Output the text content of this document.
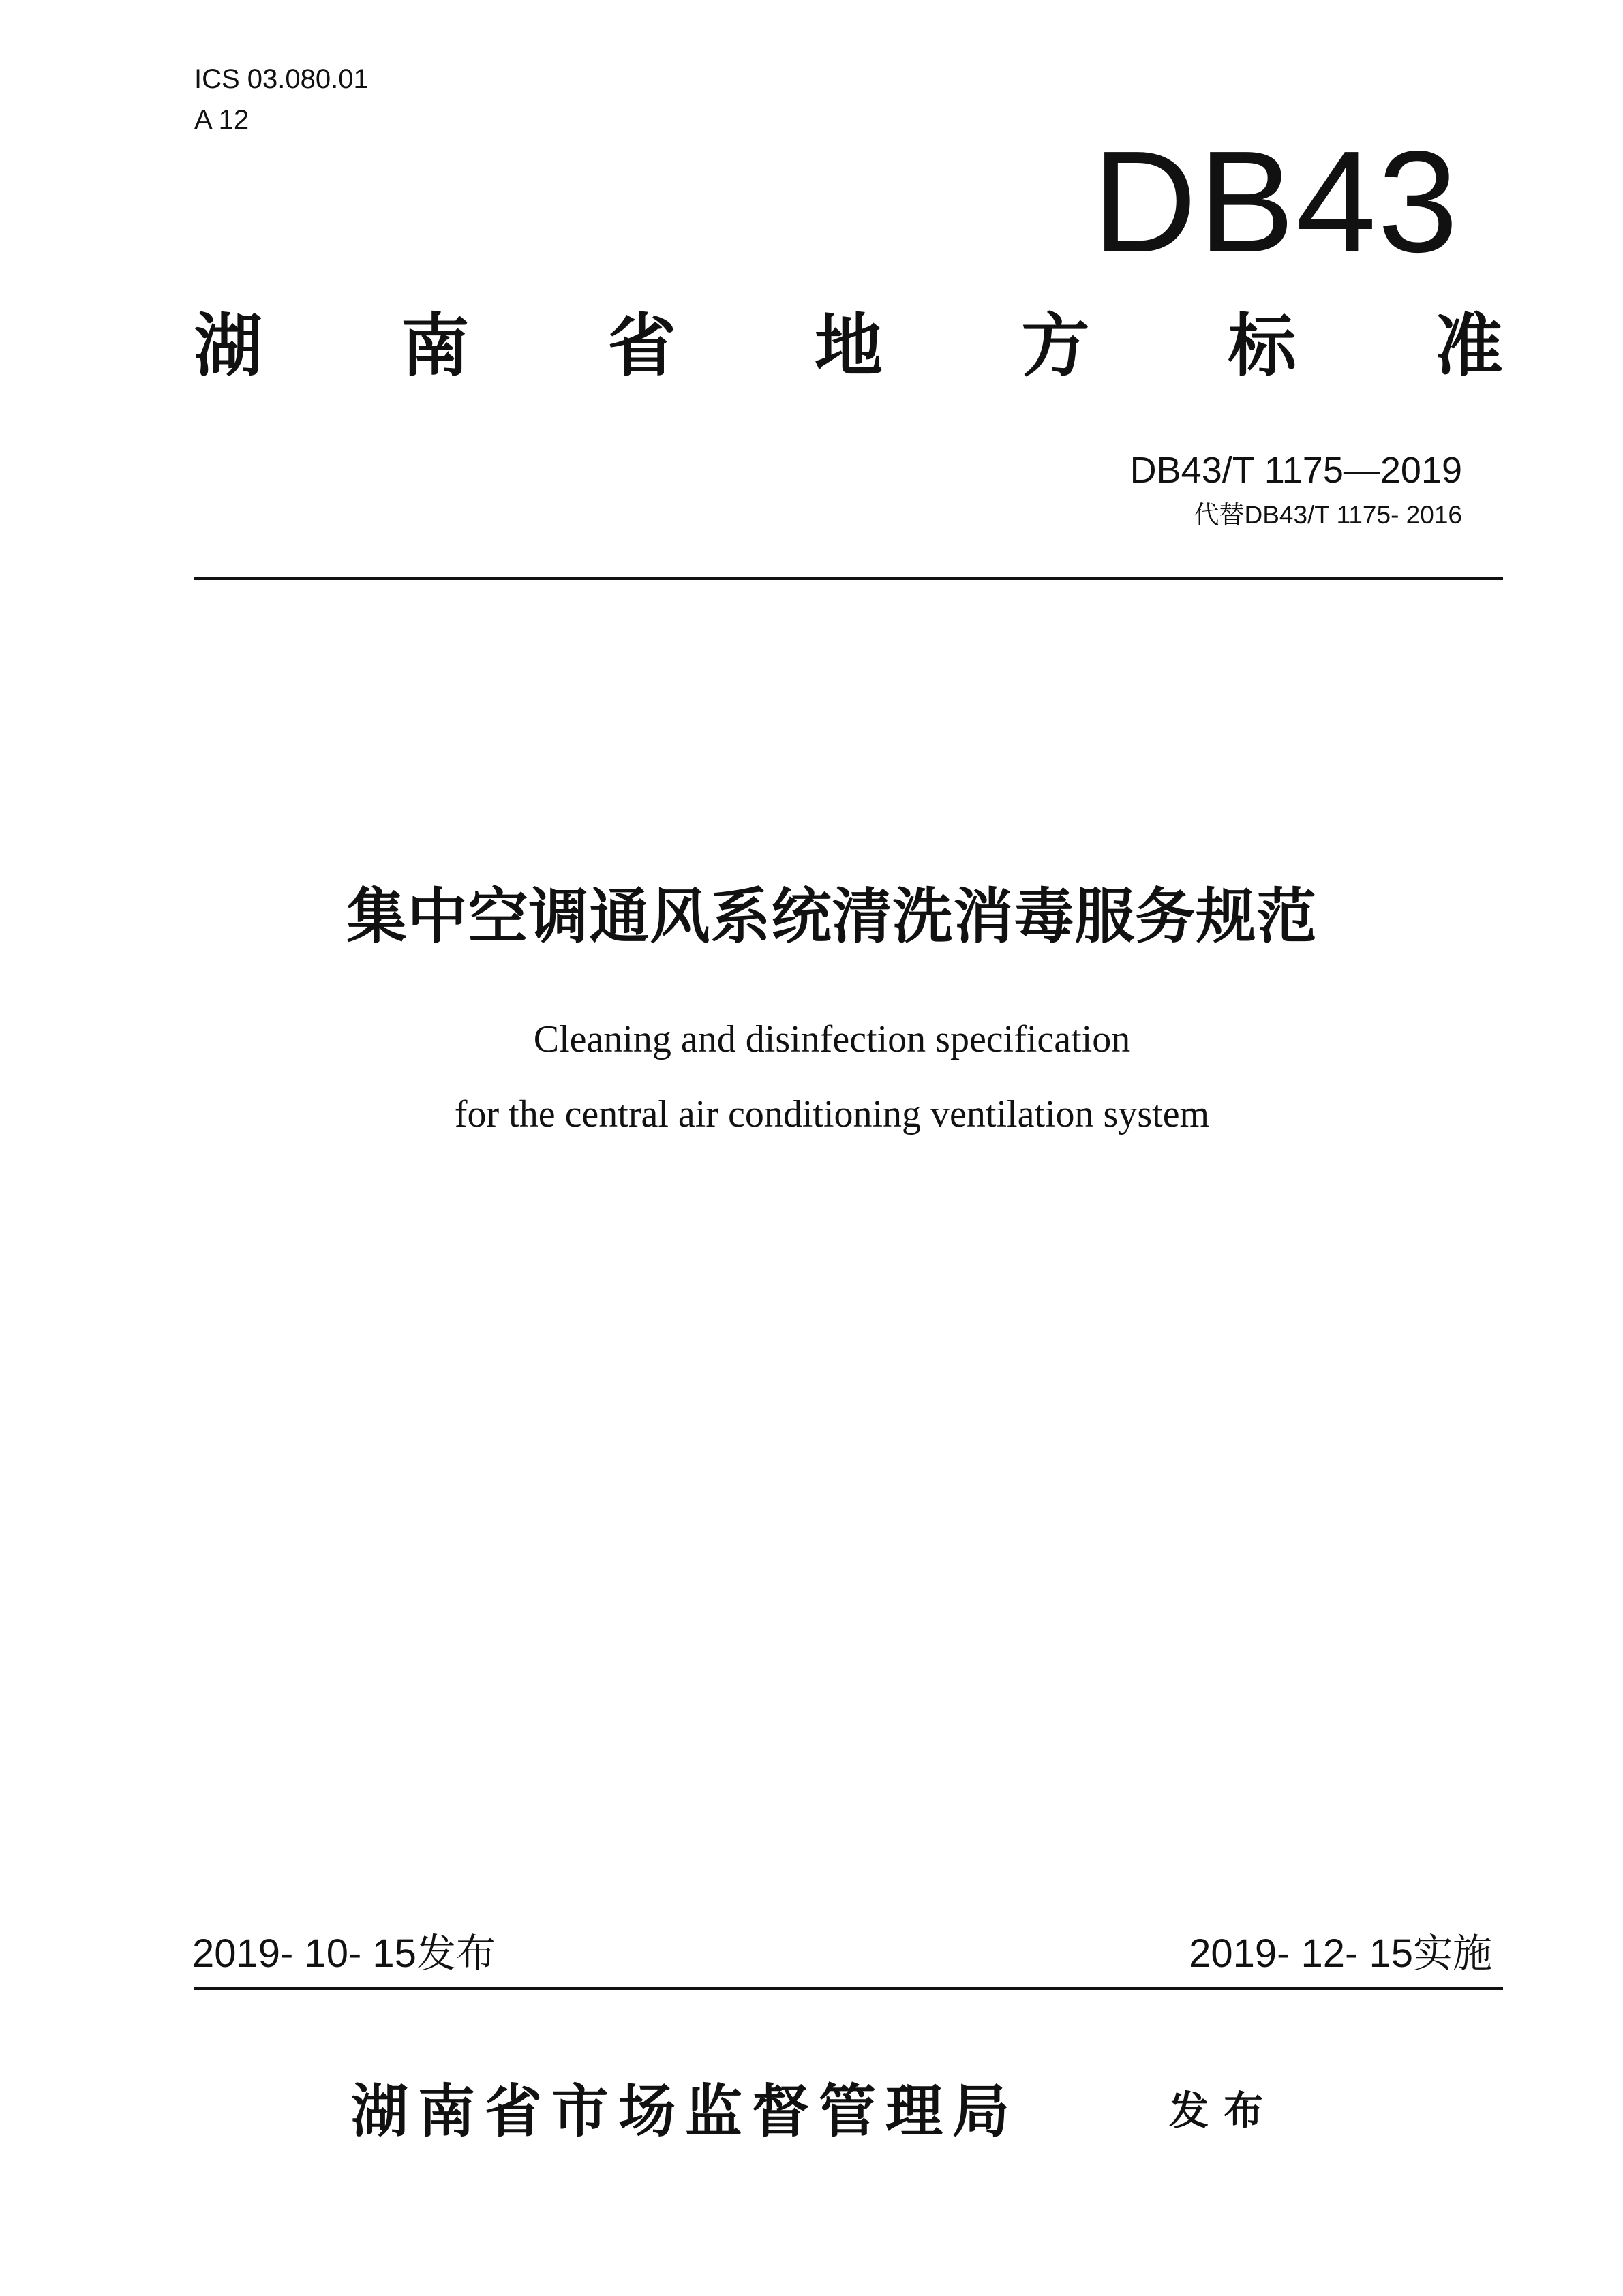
ICS 03.080.01
A 12
DB43
湖 南 省 地 方 标 准
DB43/T 1175—2019
代替DB43/T 1175- 2016
集中空调通风系统清洗消毒服务规范
Cleaning and disinfection specification
for the central air conditioning ventilation system
2019- 10- 15发布	2019- 12- 15实施
湖南省市场监督管理局	发布
